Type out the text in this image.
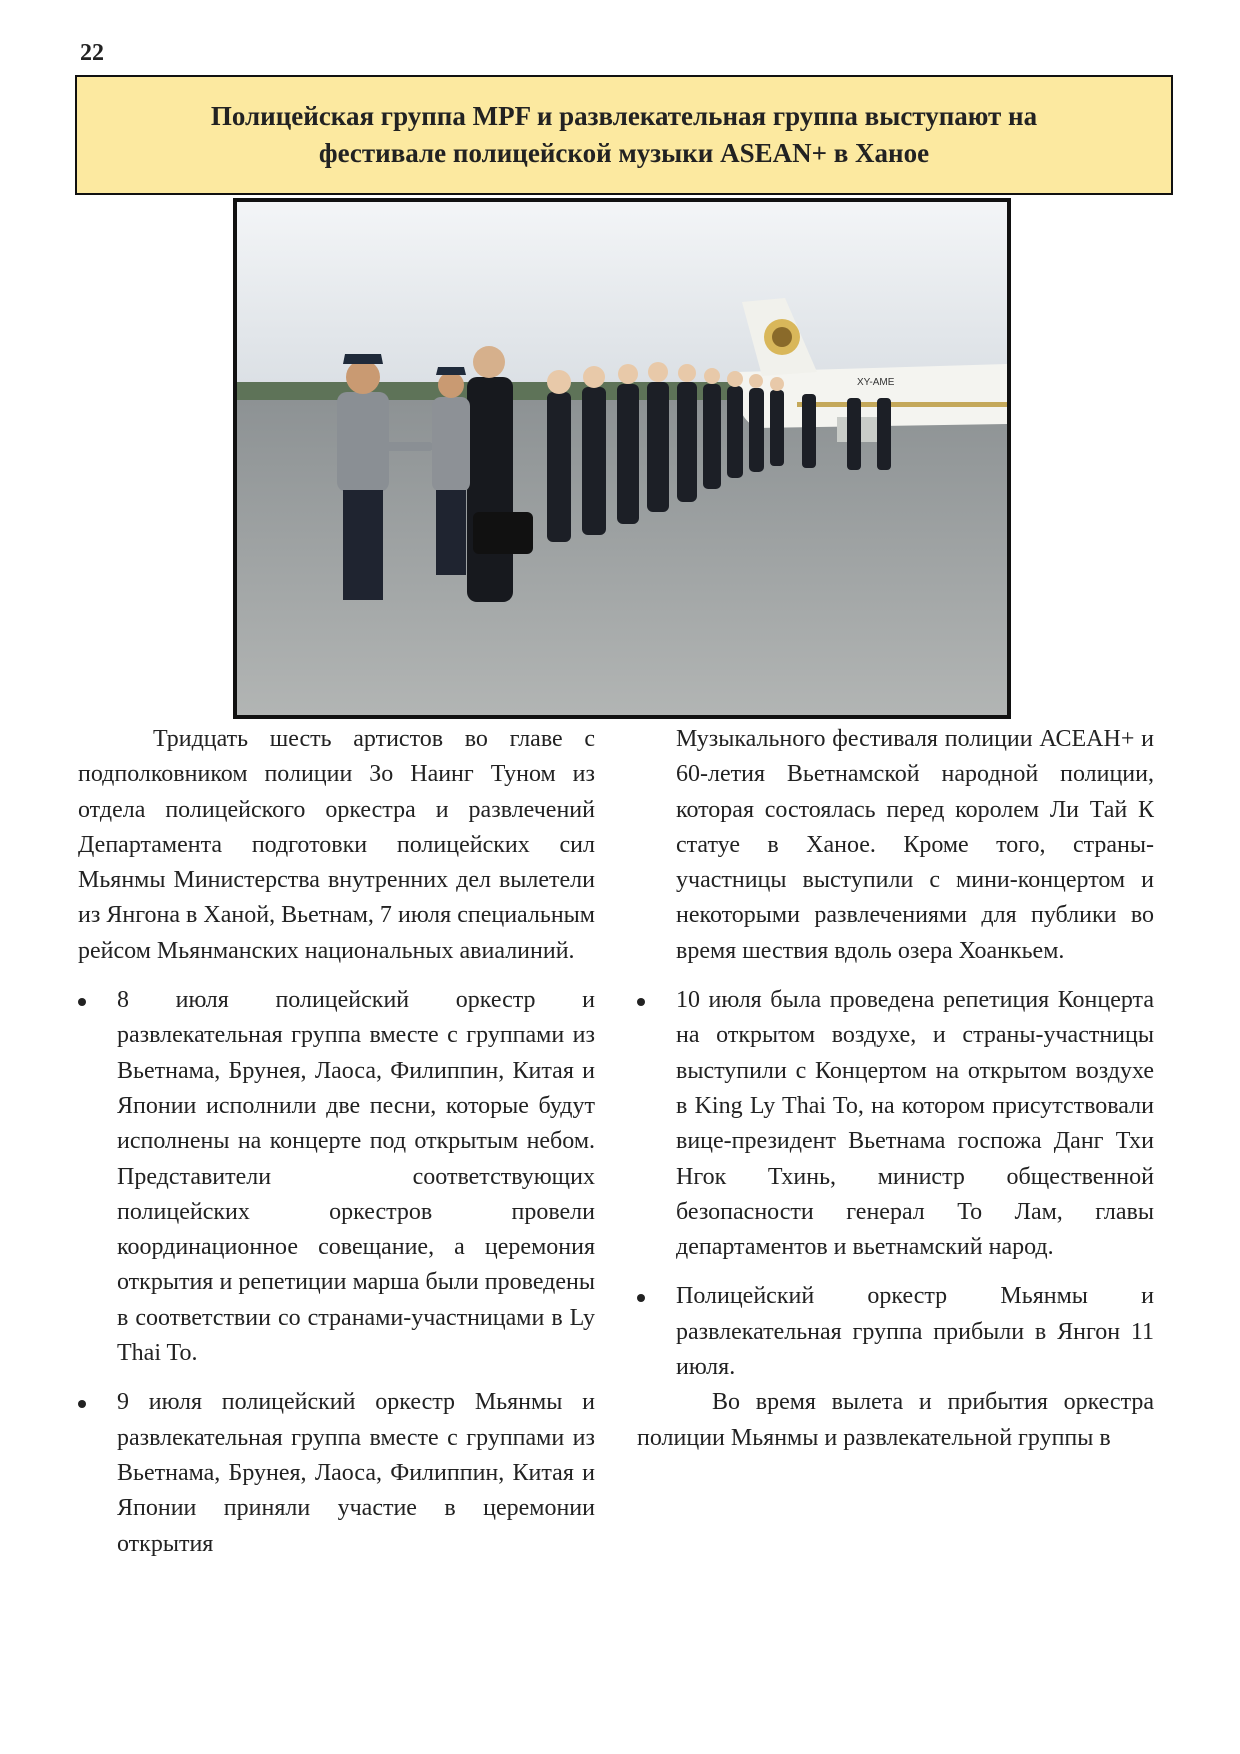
22
Полицейская группа MPF и развлекательная группа выступают на
фестивале полицейской музыки ASEAN+ в Ханое
XY-AME

Тридцать шесть артистов во главе с подполковником полиции Зо Наинг Туном из отдела полицейского оркестра и развлечений Департамента подготовки полицейских сил Мьянмы Министерства внутренних дел вылетели из Янгона в Ханой, Вьетнам, 7 июля специальным рейсом Мьянманских национальных авиалиний.

8 июля полицейский оркестр и развлекательная группа вместе с группами из Вьетнама, Брунея, Лаоса, Филиппин, Китая и Японии исполнили две песни, которые будут исполнены на концерте под открытым небом. Представители соответствующих полицейских оркестров провели координационное совещание, а церемония открытия и репетиции марша были проведены в соответствии со странами-участницами в Ly Thai To.
9 июля полицейский оркестр Мьянмы и развлекательная группа вместе с группами из Вьетнама, Брунея, Лаоса, Филиппин, Китая и Японии приняли участие в церемонии открытия

Музыкального фестиваля полиции АСЕАН+ и 60-летия Вьетнамской народной полиции, которая состоялась перед королем Ли Тай К статуе в Ханое. Кроме того, страны-участницы выступили с мини-концертом и некоторыми развлечениями для публики во время шествия вдоль озера Хоанкьем.

10 июля была проведена репетиция Концерта на открытом воздухе, и страны-участницы выступили с Концертом на открытом воздухе в King Ly Thai To, на котором присутствовали вице-президент Вьетнама госпожа Данг Тхи Нгок Тхинь, министр общественной безопасности генерал То Лам, главы департаментов и вьетнамский народ.
Полицейский оркестр Мьянмы и развлекательная группа прибыли в Янгон 11 июля.

Во время вылета и прибытия оркестра полиции Мьянмы и развлекательной группы в
